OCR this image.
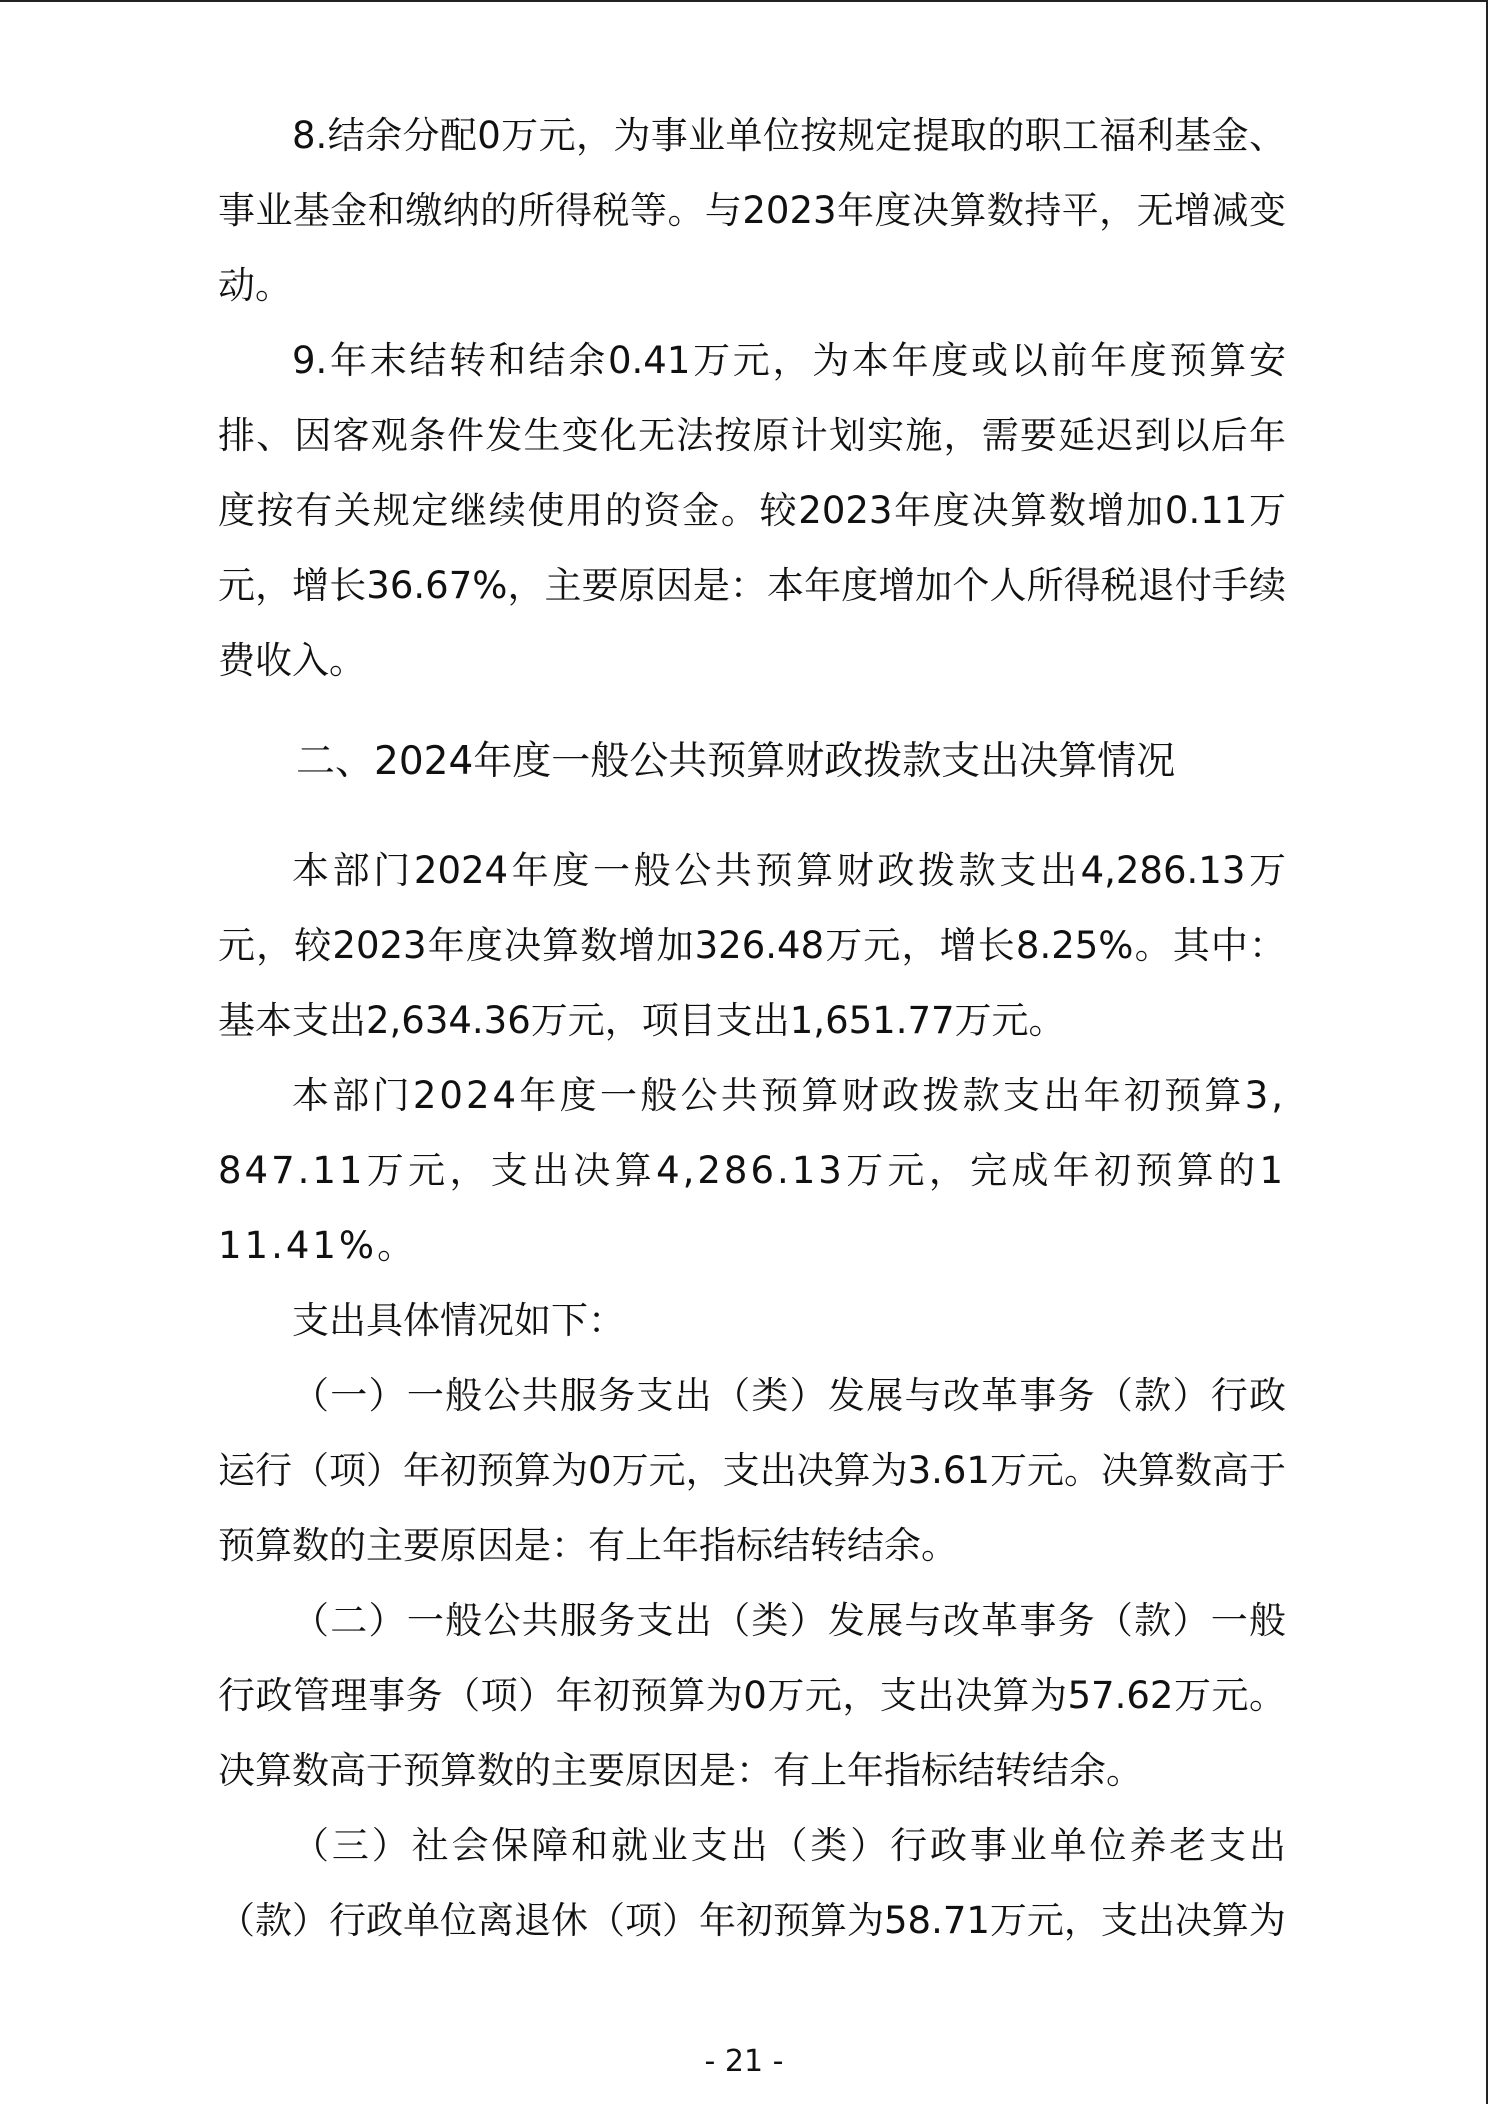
8.结余分配0万元，为事业单位按规定提取的职工福利基金、事业基金和缴纳的所得税等。与2023年度决算数持平，无增减变动。

9.年末结转和结余0.41万元，为本年度或以前年度预算安排、因客观条件发生变化无法按原计划实施，需要延迟到以后年度按有关规定继续使用的资金。较2023年度决算数增加0.11万元，增长36.67%，主要原因是：本年度增加个人所得税退付手续费收入。

二、2024年度一般公共预算财政拨款支出决算情况

本部门2024年度一般公共预算财政拨款支出4,286.13万元，较2023年度决算数增加326.48万元，增长8.25%。其中：基本支出2,634.36万元，项目支出1,651.77万元。

本部门2024年度一般公共预算财政拨款支出年初预算3,847.11万元，支出决算4,286.13万元，完成年初预算的111.41%。

支出具体情况如下：

（一）一般公共服务支出（类）发展与改革事务（款）行政运行（项）年初预算为0万元，支出决算为3.61万元。决算数高于预算数的主要原因是：有上年指标结转结余。

（二）一般公共服务支出（类）发展与改革事务（款）一般行政管理事务（项）年初预算为0万元，支出决算为57.62万元。决算数高于预算数的主要原因是：有上年指标结转结余。

（三）社会保障和就业支出（类）行政事业单位养老支出（款）行政单位离退休（项）年初预算为58.71万元，支出决算为

- 21 -
